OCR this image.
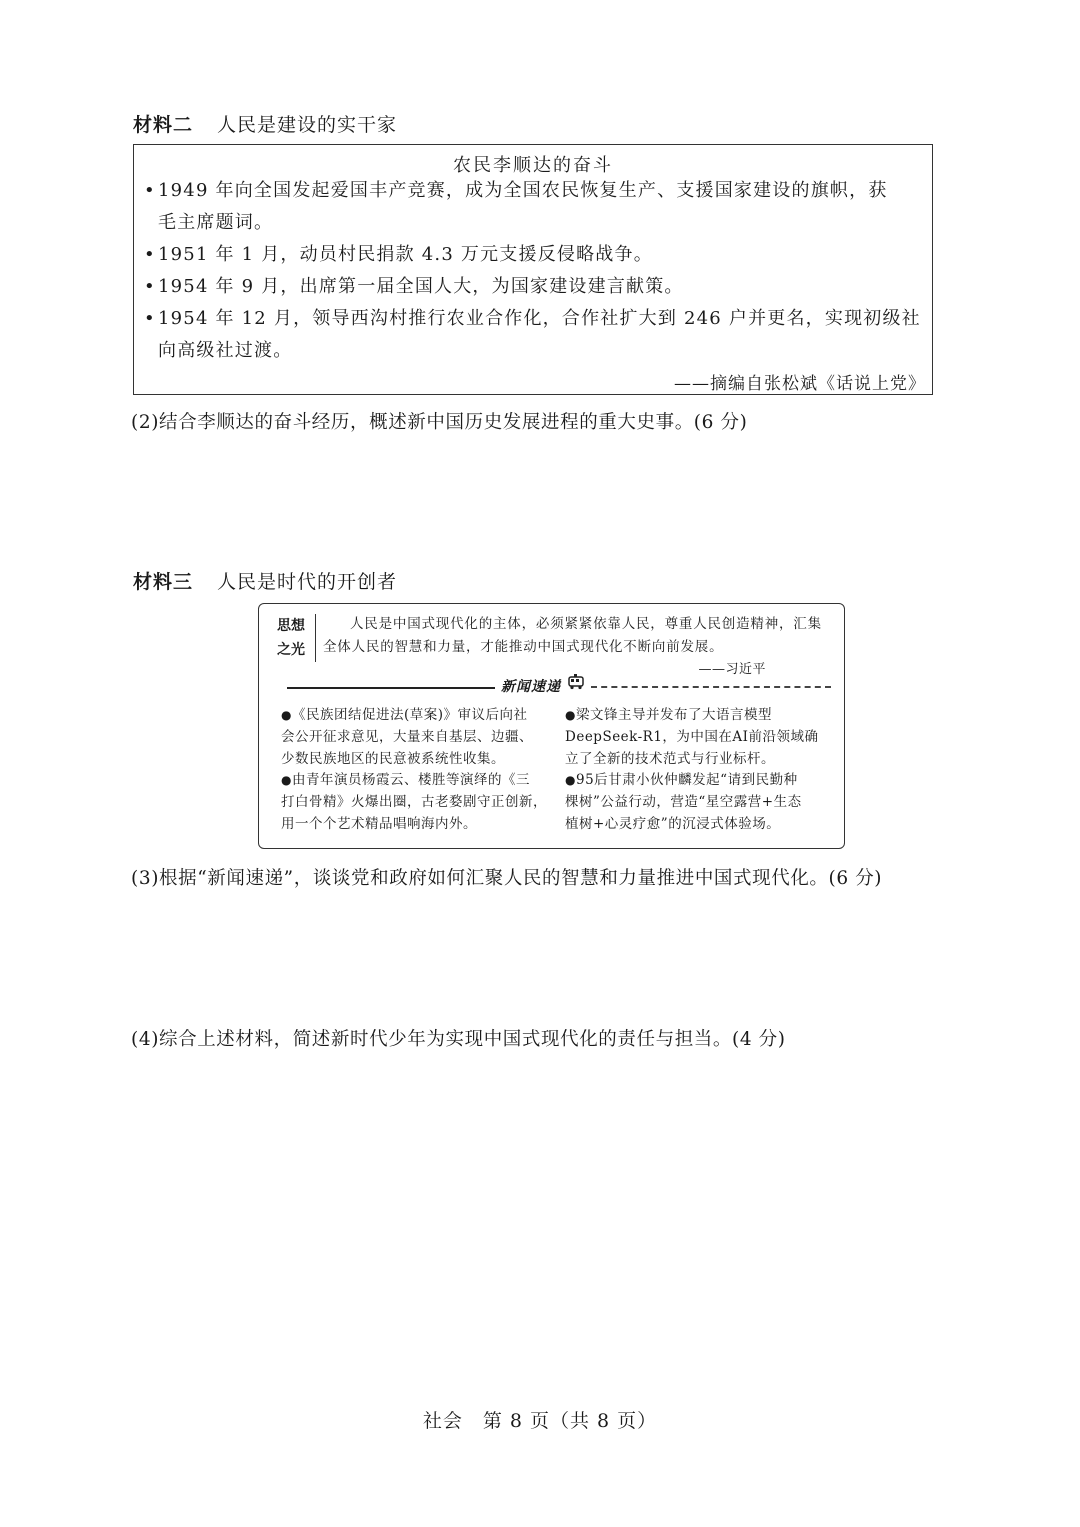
材料二 人民是建设的实干家
农民李顺达的奋斗
• 1949 年向全国发起爱国丰产竞赛，成为全国农民恢复生产、支援国家建设的旗帜，获
毛主席题词。
• 1951 年 1 月，动员村民捐款 4.3 万元支援反侵略战争。
• 1954 年 9 月，出席第一届全国人大，为国家建设建言献策。
• 1954 年 12 月，领导西沟村推行农业合作化，合作社扩大到 246 户并更名，实现初级社
向高级社过渡。
——摘编自张松斌《话说上党》
(2)结合李顺达的奋斗经历，概述新中国历史发展进程的重大史事。(6 分)
材料三 人民是时代的开创者
思想之光
人民是中国式现代化的主体，必须紧紧依靠人民，尊重人民创造精神，汇集全体人民的智慧和力量，才能推动中国式现代化不断向前发展。
——习近平
新闻速递
●《民族团结促进法(草案)》审议后向社
会公开征求意见，大量来自基层、边疆、
少数民族地区的民意被系统性收集。
●由青年演员杨霞云、楼胜等演绎的《三
打白骨精》火爆出圈，古老婺剧守正创新，
用一个个艺术精品唱响海内外。
●梁文锋主导并发布了大语言模型
DeepSeek-R1，为中国在AI前沿领域确
立了全新的技术范式与行业标杆。
●95后甘肃小伙仲麟发起“请到民勤种
棵树”公益行动，营造“星空露营+生态
植树+心灵疗愈”的沉浸式体验场。
(3)根据“新闻速递”，谈谈党和政府如何汇聚人民的智慧和力量推进中国式现代化。(6 分)
(4)综合上述材料，简述新时代少年为实现中国式现代化的责任与担当。(4 分)
社会　第 8 页（共 8 页）
